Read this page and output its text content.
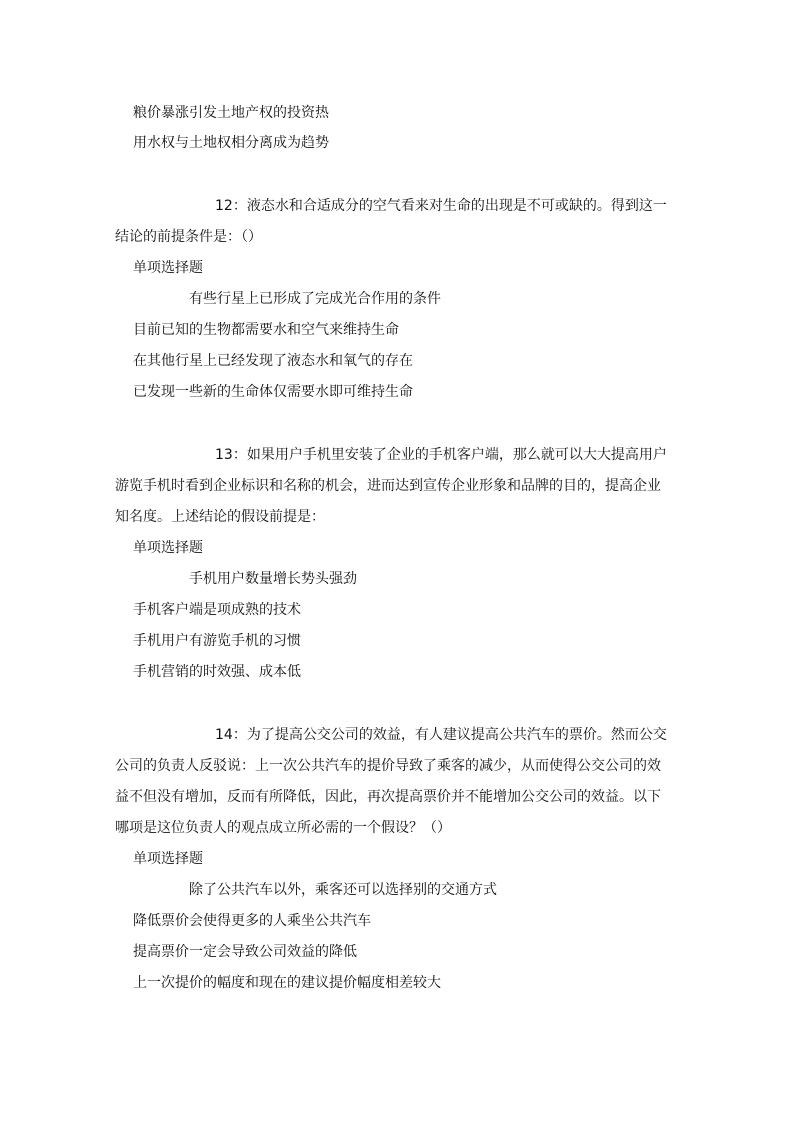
粮价暴涨引发土地产权的投资热
用水权与土地权相分离成为趋势
12：液态水和合适成分的空气看来对生命的出现是不可或缺的。得到这一
结论的前提条件是：（）
单项选择题
有些行星上已形成了完成光合作用的条件
目前已知的生物都需要水和空气来维持生命
在其他行星上已经发现了液态水和氧气的存在
已发现一些新的生命体仅需要水即可维持生命
13：如果用户手机里安装了企业的手机客户端，那么就可以大大提高用户
游览手机时看到企业标识和名称的机会，进而达到宣传企业形象和品牌的目的，提高企业
知名度。上述结论的假设前提是：
单项选择题
手机用户数量增长势头强劲
手机客户端是项成熟的技术
手机用户有游览手机的习惯
手机营销的时效强、成本低
14：为了提高公交公司的效益，有人建议提高公共汽车的票价。然而公交
公司的负责人反驳说：上一次公共汽车的提价导致了乘客的减少，从而使得公交公司的效
益不但没有增加，反而有所降低，因此，再次提高票价并不能增加公交公司的效益。以下
哪项是这位负责人的观点成立所必需的一个假设？（）
单项选择题
除了公共汽车以外，乘客还可以选择别的交通方式
降低票价会使得更多的人乘坐公共汽车
提高票价一定会导致公司效益的降低
上一次提价的幅度和现在的建议提价幅度相差较大
